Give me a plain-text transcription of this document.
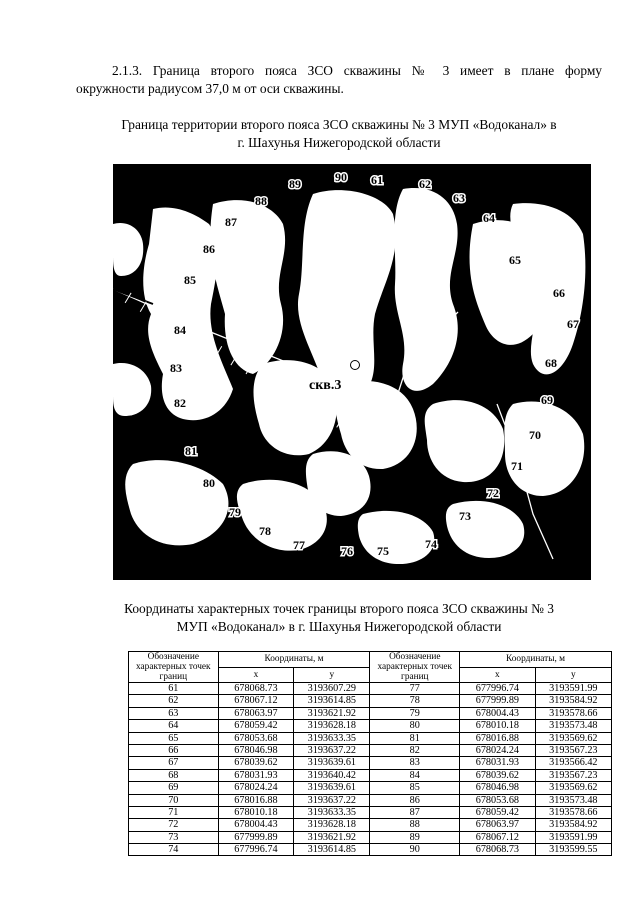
2.1.3. Граница второго пояса ЗСО скважины № 3 имеет в плане форму
окружности радиусом 37,0 м от оси скважины.

Граница территории второго пояса ЗСО скважины № 3 МУП «Водоканал» в
г. Шахунья Нижегородской области

скв.3
61	62
63
64
65
66
67
68
69
70
71
72
73
74
75
76
77
78
79
80
81
82
83
84
85
86
87
88
89	90

Координаты характерных точек границы второго пояса ЗСО скважины № 3
МУП «Водоканал» в г. Шахунья Нижегородской области

Обозначение характерных точек границ	Координаты, м		Обозначение характерных точек границ	Координаты, м	
	x	y		x	y
61	678068.73	3193607.29	77	677996.74	3193591.99
62	678067.12	3193614.85	78	677999.89	3193584.92
63	678063.97	3193621.92	79	678004.43	3193578.66
64	678059.42	3193628.18	80	678010.18	3193573.48
65	678053.68	3193633.35	81	678016.88	3193569.62
66	678046.98	3193637.22	82	678024.24	3193567.23
67	678039.62	3193639.61	83	678031.93	3193566.42
68	678031.93	3193640.42	84	678039.62	3193567.23
69	678024.24	3193639.61	85	678046.98	3193569.62
70	678016.88	3193637.22	86	678053.68	3193573.48
71	678010.18	3193633.35	87	678059.42	3193578.66
72	678004.43	3193628.18	88	678063.97	3193584.92
73	677999.89	3193621.92	89	678067.12	3193591.99
74	677996.74	3193614.85	90	678068.73	3193599.55
